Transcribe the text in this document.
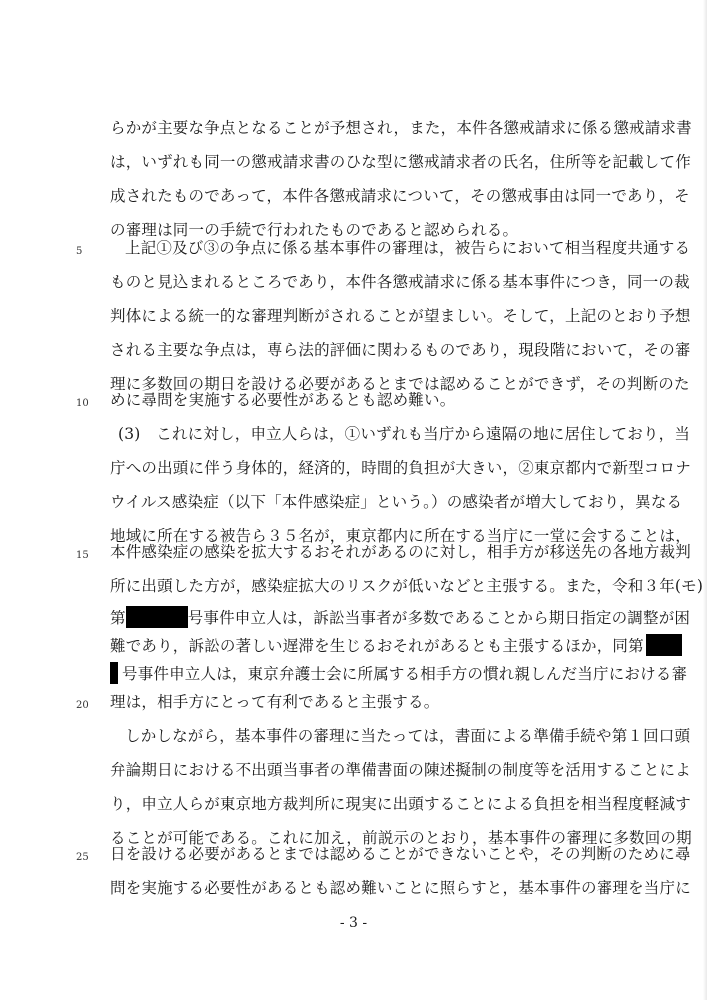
らかが主要な争点となることが予想され，また，本件各懲戒請求に係る懲戒請求書
は，いずれも同一の懲戒請求書のひな型に懲戒請求者の氏名，住所等を記載して作
成されたものであって，本件各懲戒請求について，その懲戒事由は同一であり，そ
の審理は同一の手続で行われたものであると認められる。
5	上記①及び③の争点に係る基本事件の審理は，被告らにおいて相当程度共通する
ものと見込まれるところであり，本件各懲戒請求に係る基本事件につき，同一の裁
判体による統一的な審理判断がされることが望ましい。そして，上記のとおり予想
される主要な争点は，専ら法的評価に関わるものであり，現段階において，その審
理に多数回の期日を設ける必要があるとまでは認めることができず，その判断のた
10 めに尋問を実施する必要性があるとも認め難い。
(3)　これに対し，申立人らは，①いずれも当庁から遠隔の地に居住しており，当
庁への出頭に伴う身体的，経済的，時間的負担が大きい，②東京都内で新型コロナ
ウイルス感染症（以下「本件感染症」という。）の感染者が増大しており，異なる
地域に所在する被告ら３５名が，東京都内に所在する当庁に一堂に会することは，
15 本件感染症の感染を拡大するおそれがあるのに対し，相手方が移送先の各地方裁判
所に出頭した方が，感染症拡大のリスクが低いなどと主張する。また，令和３年(モ)
第	号事件申立人は，訴訟当事者が多数であることから期日指定の調整が困
難であり，訴訟の著しい遅滞を生じるおそれがあるとも主張するほか，同第
号事件申立人は，東京弁護士会に所属する相手方の慣れ親しんだ当庁における審
20 理は，相手方にとって有利であると主張する。
しかしながら，基本事件の審理に当たっては，書面による準備手続や第１回口頭
弁論期日における不出頭当事者の準備書面の陳述擬制の制度等を活用することによ
り，申立人らが東京地方裁判所に現実に出頭することによる負担を相当程度軽減す
ることが可能である。これに加え，前説示のとおり，基本事件の審理に多数回の期
25 日を設ける必要があるとまでは認めることができないことや，その判断のために尋
問を実施する必要性があるとも認め難いことに照らすと，基本事件の審理を当庁に
- 3 -
